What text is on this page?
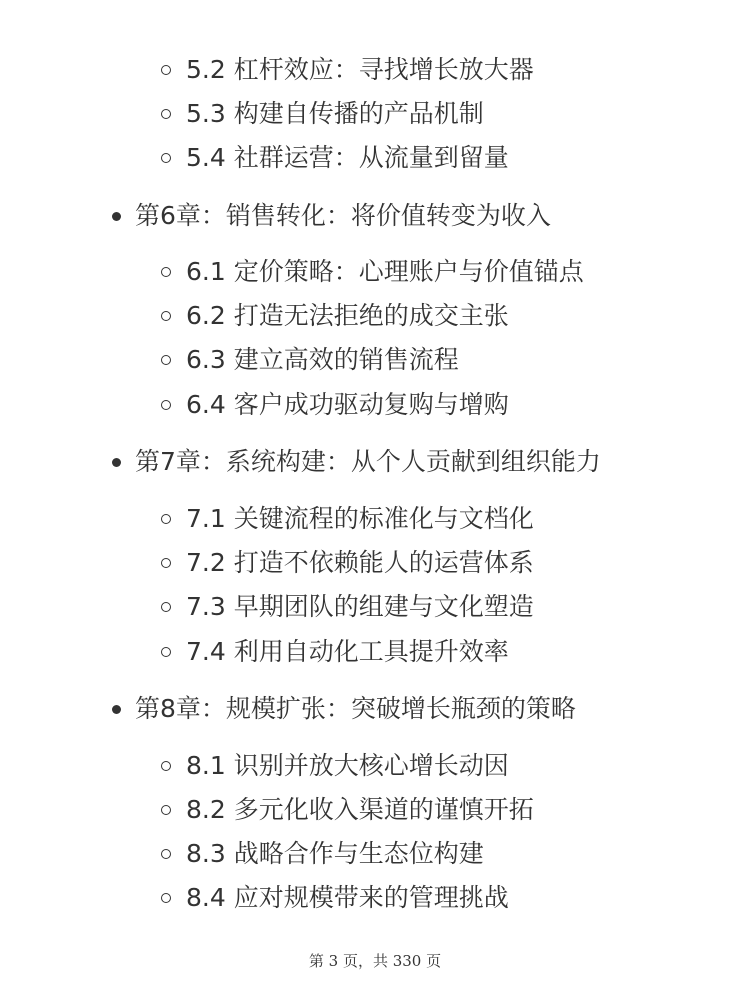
5.2 杠杆效应：寻找增长放大器
5.3 构建自传播的产品机制
5.4 社群运营：从流量到留量
第6章：销售转化：将价值转变为收入
6.1 定价策略：心理账户与价值锚点
6.2 打造无法拒绝的成交主张
6.3 建立高效的销售流程
6.4 客户成功驱动复购与增购
第7章：系统构建：从个人贡献到组织能力
7.1 关键流程的标准化与文档化
7.2 打造不依赖能人的运营体系
7.3 早期团队的组建与文化塑造
7.4 利用自动化工具提升效率
第8章：规模扩张：突破增长瓶颈的策略
8.1 识别并放大核心增长动因
8.2 多元化收入渠道的谨慎开拓
8.3 战略合作与生态位构建
8.4 应对规模带来的管理挑战
第 3 页，共 330 页
